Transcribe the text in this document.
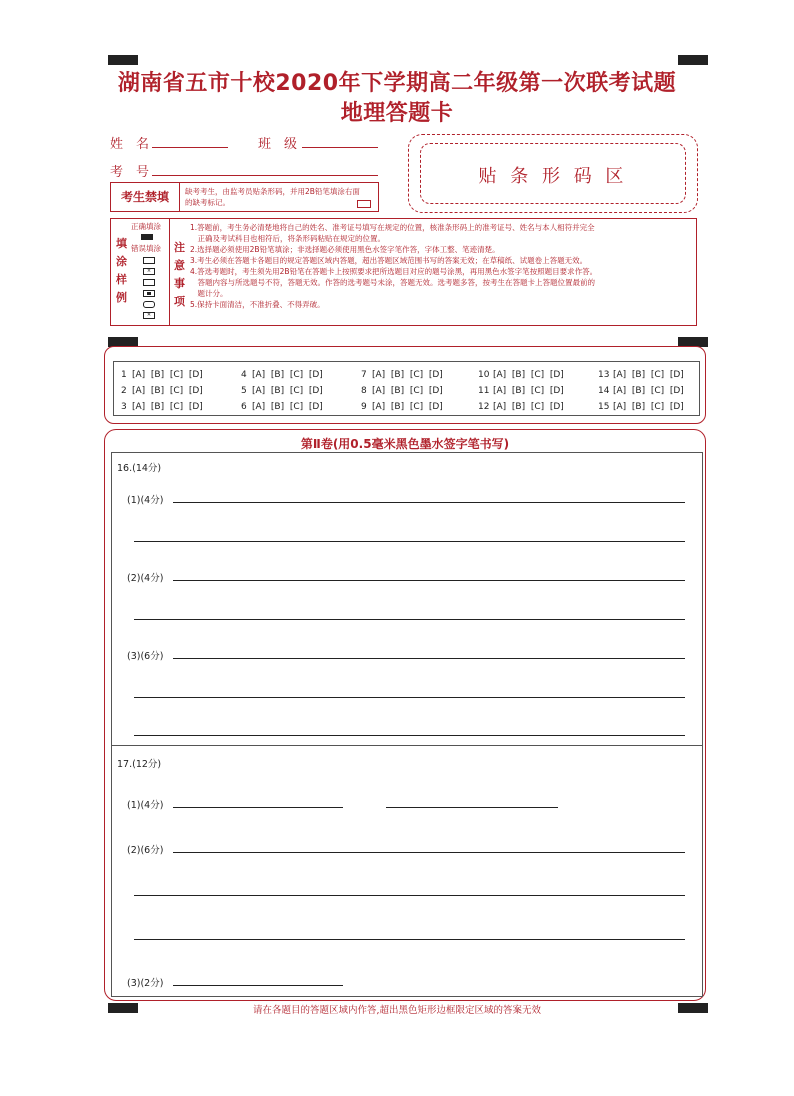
湖南省五市十校2020年下学期高二年级第一次联考试题
地理答题卡
姓　名	班　级
考　号
考生禁填	缺考考生，由监考员贴条形码，并用2B铅笔填涂右面的缺考标记。
贴 条 形 码 区
填
涂
样
例
正确填涂
错误填涂
×
✕
注
意
事
项
1.答题前，考生务必清楚地将自己的姓名、准考证号填写在规定的位置，核准条形码上的准考证号、姓名与本人相符并完全
　正确及考试科目也相符后，将条形码粘贴在规定的位置。
2.选择题必须使用2B铅笔填涂；非选择题必须使用黑色水签字笔作答，字体工整、笔迹清楚。
3.考生必须在答题卡各题目的规定答题区域内答题，超出答题区域范围书写的答案无效；在草稿纸、试题卷上答题无效。
4.答选考题时，考生须先用2B铅笔在答题卡上按照要求把所选题目对应的题号涂黑，再用黑色水签字笔按照题目要求作答。
　答题内容与所选题号不符，答题无效。作答的选考题号未涂，答题无效。选考题多答，按考生在答题卡上答题位置最前的
　题计分。
5.保持卡面清洁，不准折叠、不得弄破。
1 [A]  [B]  [C]  [D]
2 [A]  [B]  [C]  [D]
3 [A]  [B]  [C]  [D]
4 [A]  [B]  [C]  [D]
5 [A]  [B]  [C]  [D]
6 [A]  [B]  [C]  [D]
7 [A]  [B]  [C]  [D]
8 [A]  [B]  [C]  [D]
9 [A]  [B]  [C]  [D]
10 [A]  [B]  [C]  [D]
11 [A]  [B]  [C]  [D]
12 [A]  [B]  [C]  [D]
13 [A]  [B]  [C]  [D]
14 [A]  [B]  [C]  [D]
15 [A]  [B]  [C]  [D]
第Ⅱ卷(用0.5毫米黑色墨水签字笔书写)
16.(14分)
(1)(4分)
(2)(4分)
(3)(6分)
17.(12分)
(1)(4分)
(2)(6分)
(3)(2分)
请在各题目的答题区域内作答,超出黑色矩形边框限定区域的答案无效
